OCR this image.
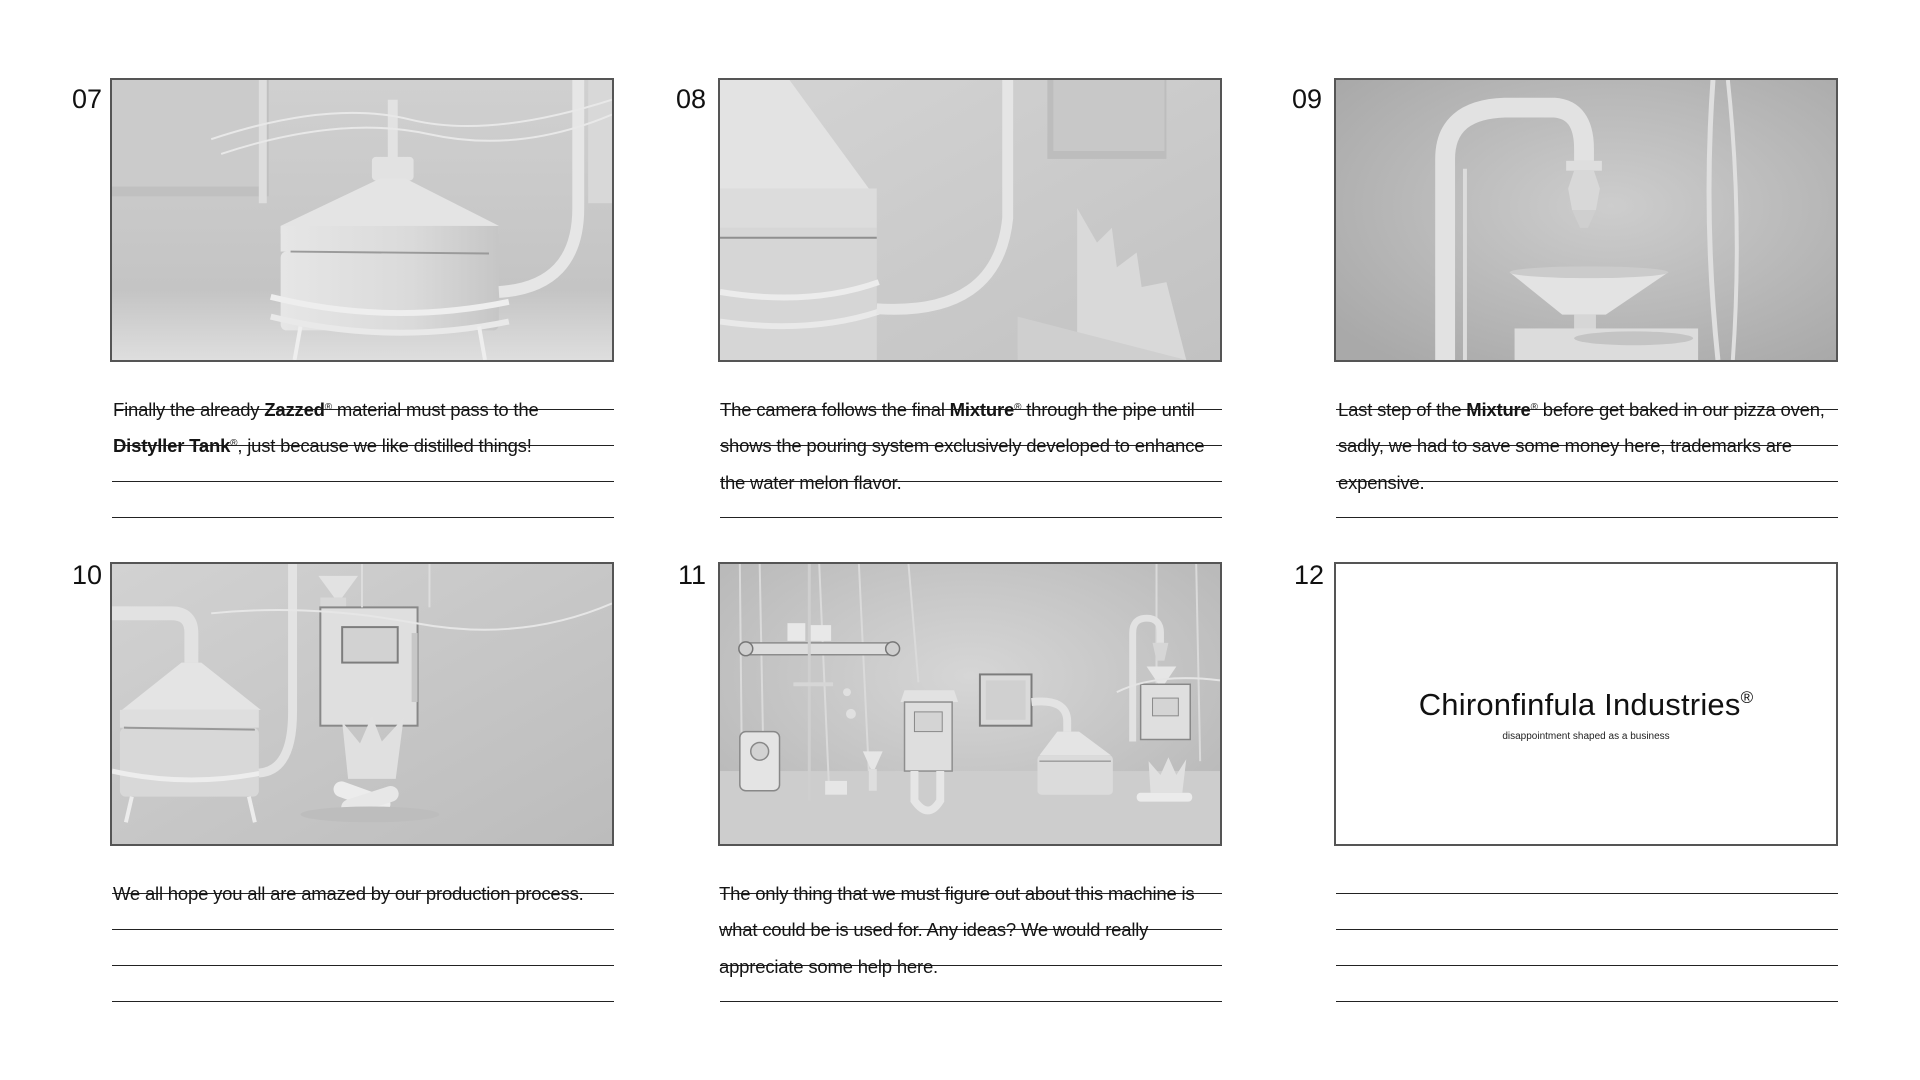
07
Finally the already Zazzed® material must pass to the
Distyller Tank®, just because we like distilled things!
08
The camera follows the final Mixture® through the pipe until shows the pouring system exclusively developed to enhance the water melon flavor.
09
Last step of the Mixture® before get baked in our pizza oven, sadly, we had to save some money here, trademarks are expensive.
10
We all hope you all are amazed by our production process.
11
The only thing that we must figure out about this machine is what could be is used for. Any ideas? We would really appreciate some help here.
12
Chironfinfula Industries®
disappointment shaped as a business
